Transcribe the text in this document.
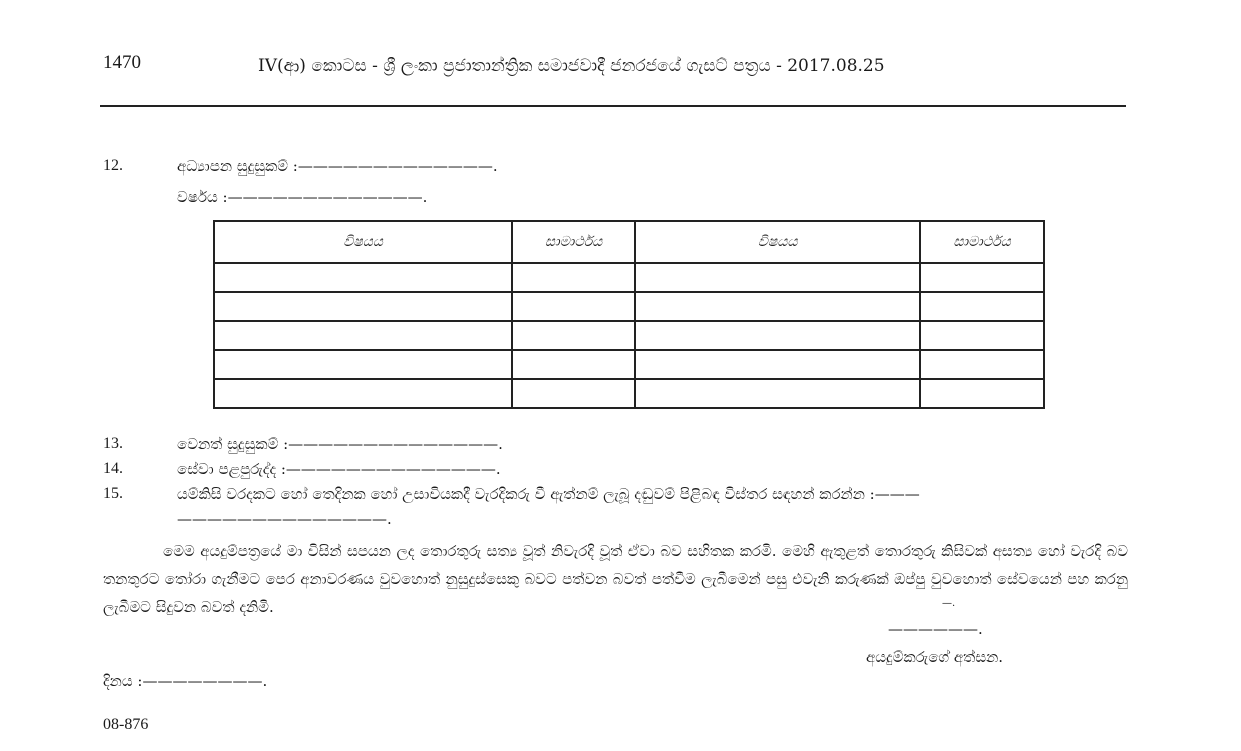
1470	IV(ආ) කොටස - ශ්‍රී ලංකා ප්‍රජාතාන්ත්‍රික සමාජවාදී ජනරජයේ ගැසට් පත්‍රය - 2017.08.25
12.	අධ්‍යාපන සුදුසුකම් :—————————————.
වර්ෂය :—————————————.
විෂයය	සාමාර්ථය	විෂයය	සාමාර්ථය

13.	වෙනත් සුදුසුකම් :——————————————.
14.	සේවා පළපුරුද්ද :——————————————.
15.	යම්කිසි වරදකට හෝ තෙදිනක හෝ උසාවියකදී වැරදිකරු වී ඇත්නම් ලැබූ දඬුවම් පිළිබඳ විස්තර සඳහන් කරන්න :———
——————————————.
මෙම අයදුම්පත්‍රයේ මා විසින් සපයන ලද තොරතුරු සත්‍ය වූත් නිවැරදි වූත් ඒවා බව සහිතක කරමි. මෙහි ඇතුළත් තොරතුරු කිසිවක් අසත්‍ය හෝ වැරදි බව තනතුරට තෝරා ගැනීමට පෙර අනාවරණය වුවහොත් නුසුදුස්සෙකු බවට පත්වන බවත් පත්වීම ලැබීමෙන් පසු එවැනි කරුණක් ඔප්පු වුවහොත් සේවයෙන් පහ කරනු ලැබීමට සිදුවන බවත් දනිමි.	—.
——————.
අයදුම්කරුගේ අත්සන.
දිනය :————————.
08-876
